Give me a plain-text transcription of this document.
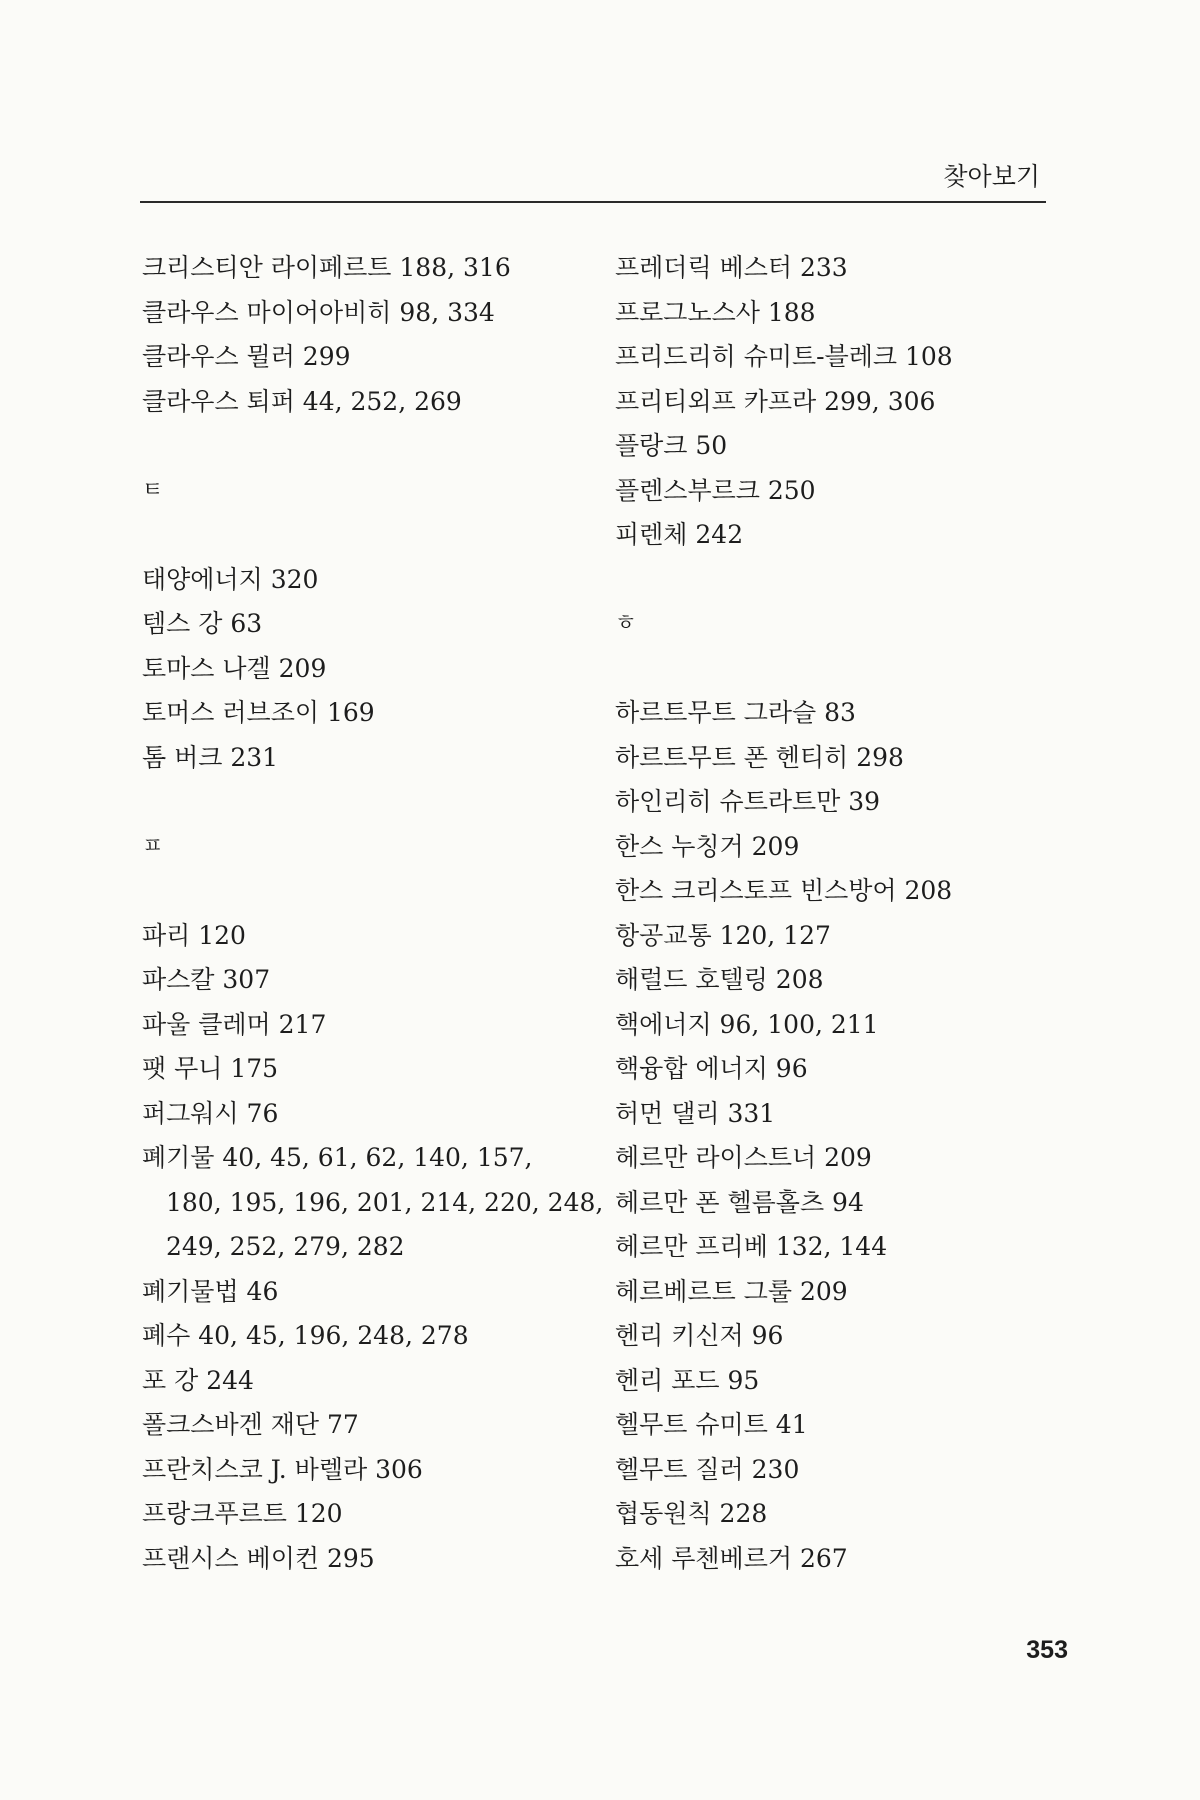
찾아보기
크리스티안 라이페르트 188, 316
클라우스 마이어아비히 98, 334
클라우스 뮐러 299
클라우스 퇴퍼 44, 252, 269
ㅌ
태양에너지 320
템스 강 63
토마스 나겔 209
토머스 러브조이 169
톰 버크 231
ㅍ
파리 120
파스칼 307
파울 클레머 217
팻 무니 175
퍼그워시 76
폐기물 40, 45, 61, 62, 140, 157,
180, 195, 196, 201, 214, 220, 248,
249, 252, 279, 282
폐기물법 46
폐수 40, 45, 196, 248, 278
포 강 244
폴크스바겐 재단 77
프란치스코 J. 바렐라 306
프랑크푸르트 120
프랜시스 베이컨 295
프레더릭 베스터 233
프로그노스사 188
프리드리히 슈미트-블레크 108
프리티외프 카프라 299, 306
플랑크 50
플렌스부르크 250
피렌체 242
ㅎ
하르트무트 그라슬 83
하르트무트 폰 헨티히 298
하인리히 슈트라트만 39
한스 누칭거 209
한스 크리스토프 빈스방어 208
항공교통 120, 127
해럴드 호텔링 208
핵에너지 96, 100, 211
핵융합 에너지 96
허먼 댈리 331
헤르만 라이스트너 209
헤르만 폰 헬름홀츠 94
헤르만 프리베 132, 144
헤르베르트 그룰 209
헨리 키신저 96
헨리 포드 95
헬무트 슈미트 41
헬무트 질러 230
협동원칙 228
호세 루첸베르거 267
353
